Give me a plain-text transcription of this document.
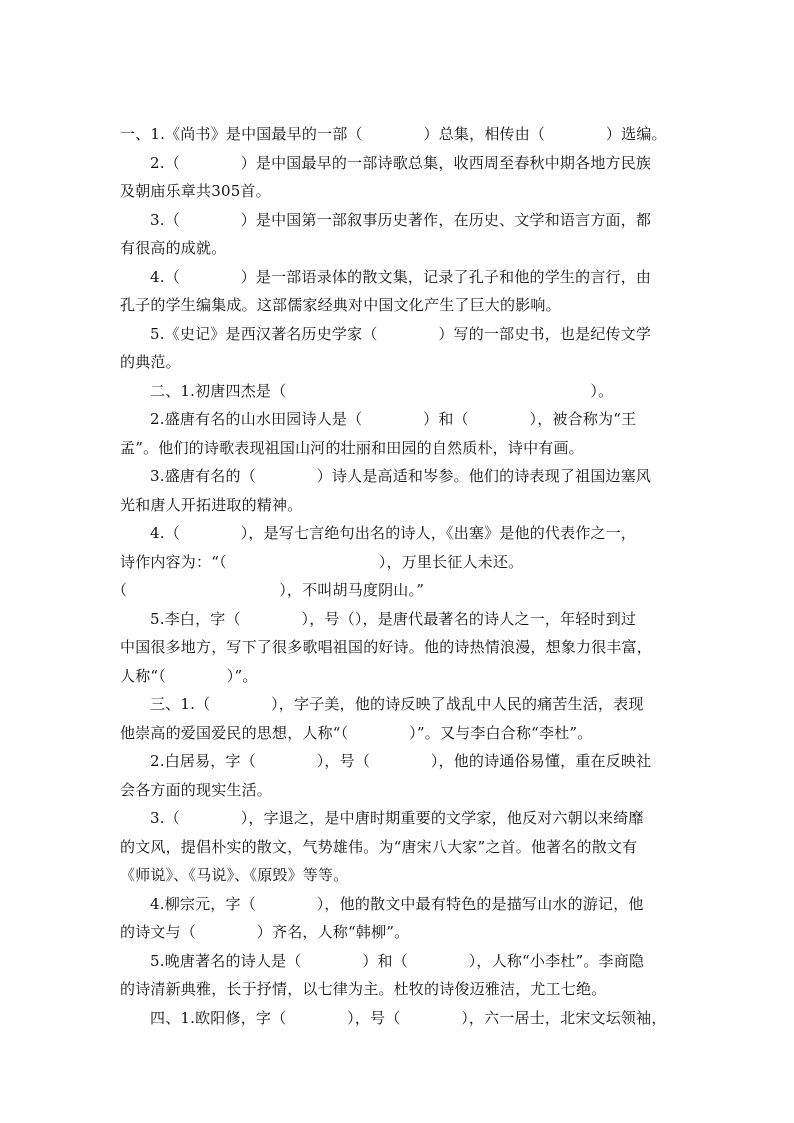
一、1.《尚书》是中国最早的一部（　　　　）总集，相传由（　　　　）选编。
2.（　　　　）是中国最早的一部诗歌总集，收西周至春秋中期各地方民族
及朝庙乐章共305首。
3.（　　　　）是中国第一部叙事历史著作，在历史、文学和语言方面，都
有很高的成就。
4.（　　　　）是一部语录体的散文集，记录了孔子和他的学生的言行，由
孔子的学生编集成。这部儒家经典对中国文化产生了巨大的影响。
5.《史记》是西汉著名历史学家（　　　　）写的一部史书，也是纪传文学
的典范。
二、1.初唐四杰是（　　　　　　　　　　　　　　　　　　　　）。
2.盛唐有名的山水田园诗人是（　　　　）和（　　　　），被合称为“王
孟”。他们的诗歌表现祖国山河的壮丽和田园的自然质朴，诗中有画。
3.盛唐有名的（　　　　）诗人是高适和岑参。他们的诗表现了祖国边塞风
光和唐人开拓进取的精神。
4.（　　　　），是写七言绝句出名的诗人，《出塞》是他的代表作之一，
诗作内容为：“（　　　　　　　　　　），万里长征人未还。
（　　　　　　　　　　），不叫胡马度阴山。”
5.李白，字（　　　　），号（），是唐代最著名的诗人之一，年轻时到过
中国很多地方，写下了很多歌唱祖国的好诗。他的诗热情浪漫，想象力很丰富，
人称“（　　　　）”。
三、1.（　　　　），字子美，他的诗反映了战乱中人民的痛苦生活，表现
他崇高的爱国爱民的思想，人称“（　　　　）”。又与李白合称“李杜”。
2.白居易，字（　　　　），号（　　　　），他的诗通俗易懂，重在反映社
会各方面的现实生活。
3.（　　　　），字退之，是中唐时期重要的文学家，他反对六朝以来绮靡
的文风，提倡朴实的散文，气势雄伟。为“唐宋八大家”之首。他著名的散文有
《师说》、《马说》、《原毁》等等。
4.柳宗元，字（　　　　），他的散文中最有特色的是描写山水的游记，他
的诗文与（　　　　）齐名，人称“韩柳”。
5.晚唐著名的诗人是（　　　　）和（　　　　），人称“小李杜”。李商隐
的诗清新典雅，长于抒情，以七律为主。杜牧的诗俊迈雅洁，尤工七绝。
四、1.欧阳修，字（　　　　），号（　　　　），六一居士，北宋文坛领袖，
